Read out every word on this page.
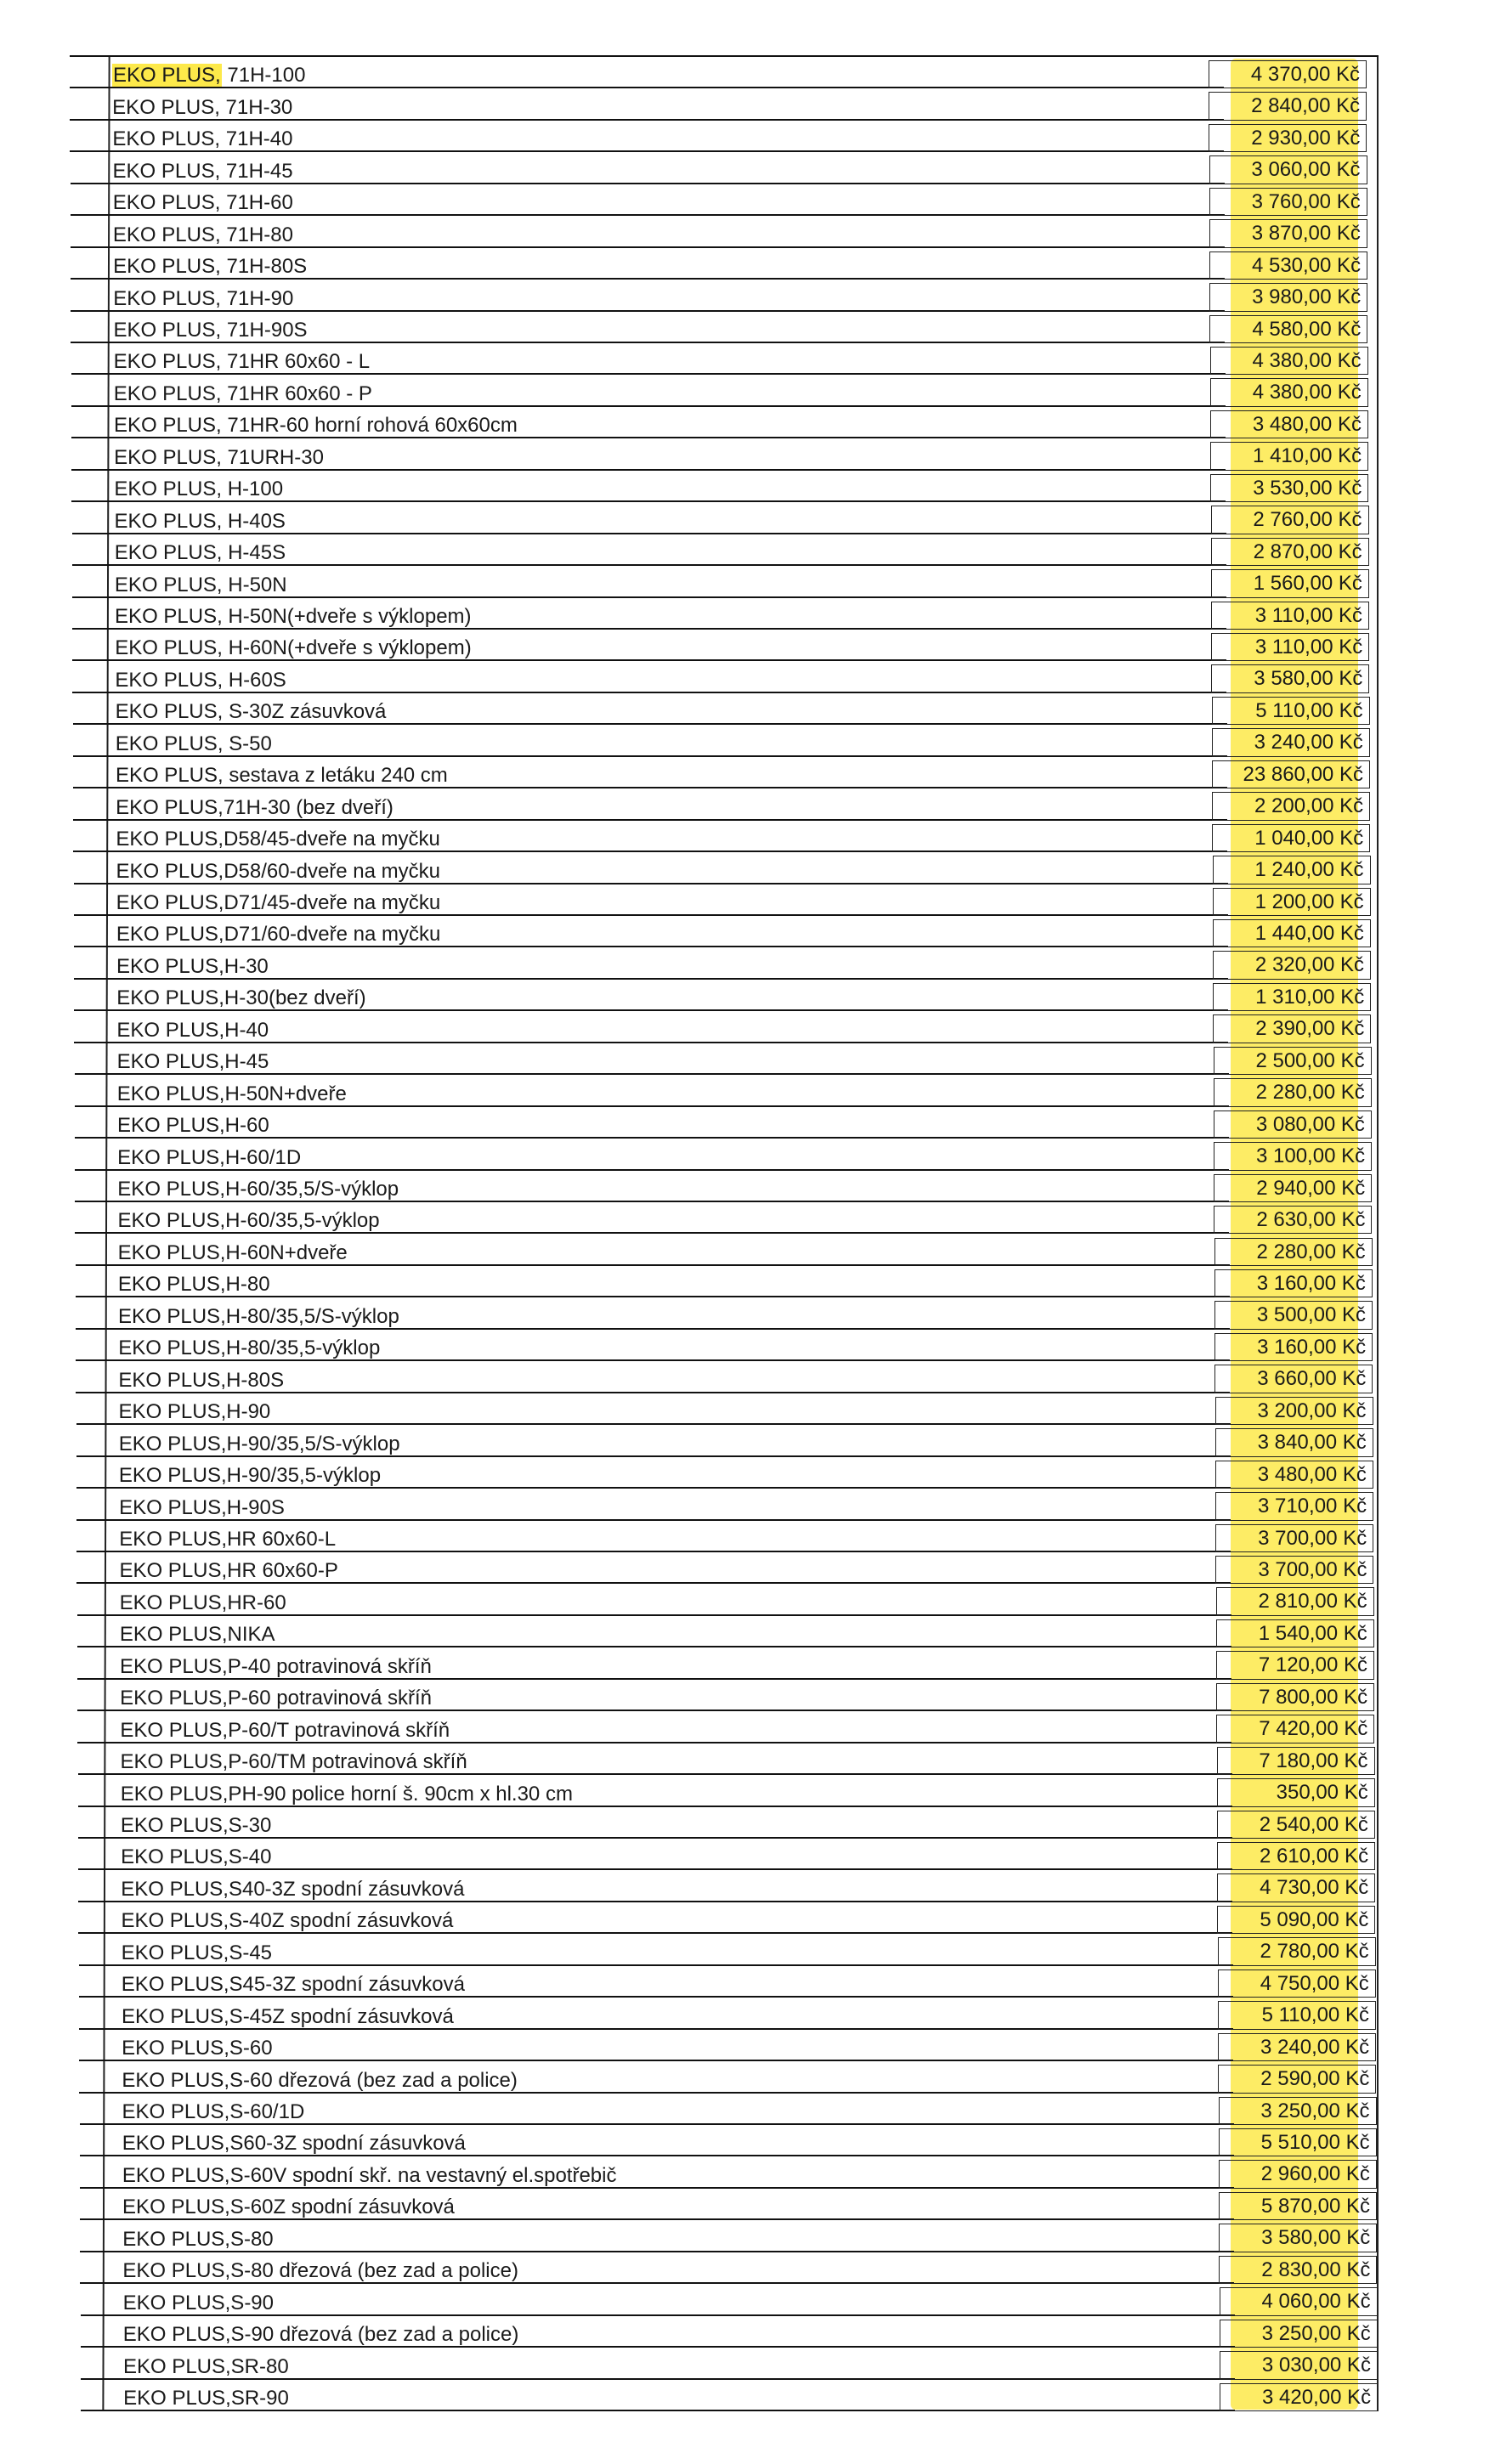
EKO PLUS, 71H-100	4 370,00 Kč
EKO PLUS, 71H-30	2 840,00 Kč
EKO PLUS, 71H-40	2 930,00 Kč
EKO PLUS, 71H-45	3 060,00 Kč
EKO PLUS, 71H-60	3 760,00 Kč
EKO PLUS, 71H-80	3 870,00 Kč
EKO PLUS, 71H-80S	4 530,00 Kč
EKO PLUS, 71H-90	3 980,00 Kč
EKO PLUS, 71H-90S	4 580,00 Kč
EKO PLUS, 71HR 60x60 - L	4 380,00 Kč
EKO PLUS, 71HR 60x60 - P	4 380,00 Kč
EKO PLUS, 71HR-60 horní rohová 60x60cm	3 480,00 Kč
EKO PLUS, 71URH-30	1 410,00 Kč
EKO PLUS, H-100	3 530,00 Kč
EKO PLUS, H-40S	2 760,00 Kč
EKO PLUS, H-45S	2 870,00 Kč
EKO PLUS, H-50N	1 560,00 Kč
EKO PLUS, H-50N(+dveře s výklopem)	3 110,00 Kč
EKO PLUS, H-60N(+dveře s výklopem)	3 110,00 Kč
EKO PLUS, H-60S	3 580,00 Kč
EKO PLUS, S-30Z zásuvková	5 110,00 Kč
EKO PLUS, S-50	3 240,00 Kč
EKO PLUS, sestava z letáku 240 cm	23 860,00 Kč
EKO PLUS,71H-30 (bez dveří)	2 200,00 Kč
EKO PLUS,D58/45-dveře na myčku	1 040,00 Kč
EKO PLUS,D58/60-dveře na myčku	1 240,00 Kč
EKO PLUS,D71/45-dveře na myčku	1 200,00 Kč
EKO PLUS,D71/60-dveře na myčku	1 440,00 Kč
EKO PLUS,H-30	2 320,00 Kč
EKO PLUS,H-30(bez dveří)	1 310,00 Kč
EKO PLUS,H-40	2 390,00 Kč
EKO PLUS,H-45	2 500,00 Kč
EKO PLUS,H-50N+dveře	2 280,00 Kč
EKO PLUS,H-60	3 080,00 Kč
EKO PLUS,H-60/1D	3 100,00 Kč
EKO PLUS,H-60/35,5/S-výklop	2 940,00 Kč
EKO PLUS,H-60/35,5-výklop	2 630,00 Kč
EKO PLUS,H-60N+dveře	2 280,00 Kč
EKO PLUS,H-80	3 160,00 Kč
EKO PLUS,H-80/35,5/S-výklop	3 500,00 Kč
EKO PLUS,H-80/35,5-výklop	3 160,00 Kč
EKO PLUS,H-80S	3 660,00 Kč
EKO PLUS,H-90	3 200,00 Kč
EKO PLUS,H-90/35,5/S-výklop	3 840,00 Kč
EKO PLUS,H-90/35,5-výklop	3 480,00 Kč
EKO PLUS,H-90S	3 710,00 Kč
EKO PLUS,HR 60x60-L	3 700,00 Kč
EKO PLUS,HR 60x60-P	3 700,00 Kč
EKO PLUS,HR-60	2 810,00 Kč
EKO PLUS,NIKA	1 540,00 Kč
EKO PLUS,P-40 potravinová skříň	7 120,00 Kč
EKO PLUS,P-60 potravinová skříň	7 800,00 Kč
EKO PLUS,P-60/T potravinová skříň	7 420,00 Kč
EKO PLUS,P-60/TM potravinová skříň	7 180,00 Kč
EKO PLUS,PH-90 police horní š. 90cm x hl.30 cm	350,00 Kč
EKO PLUS,S-30	2 540,00 Kč
EKO PLUS,S-40	2 610,00 Kč
EKO PLUS,S40-3Z spodní zásuvková	4 730,00 Kč
EKO PLUS,S-40Z spodní zásuvková	5 090,00 Kč
EKO PLUS,S-45	2 780,00 Kč
EKO PLUS,S45-3Z spodní zásuvková	4 750,00 Kč
EKO PLUS,S-45Z spodní zásuvková	5 110,00 Kč
EKO PLUS,S-60	3 240,00 Kč
EKO PLUS,S-60 dřezová (bez zad a police)	2 590,00 Kč
EKO PLUS,S-60/1D	3 250,00 Kč
EKO PLUS,S60-3Z spodní zásuvková	5 510,00 Kč
EKO PLUS,S-60V spodní skř. na vestavný el.spotřebič	2 960,00 Kč
EKO PLUS,S-60Z spodní zásuvková	5 870,00 Kč
EKO PLUS,S-80	3 580,00 Kč
EKO PLUS,S-80 dřezová (bez zad a police)	2 830,00 Kč
EKO PLUS,S-90	4 060,00 Kč
EKO PLUS,S-90 dřezová (bez zad a police)	3 250,00 Kč
EKO PLUS,SR-80	3 030,00 Kč
EKO PLUS,SR-90	3 420,00 Kč
